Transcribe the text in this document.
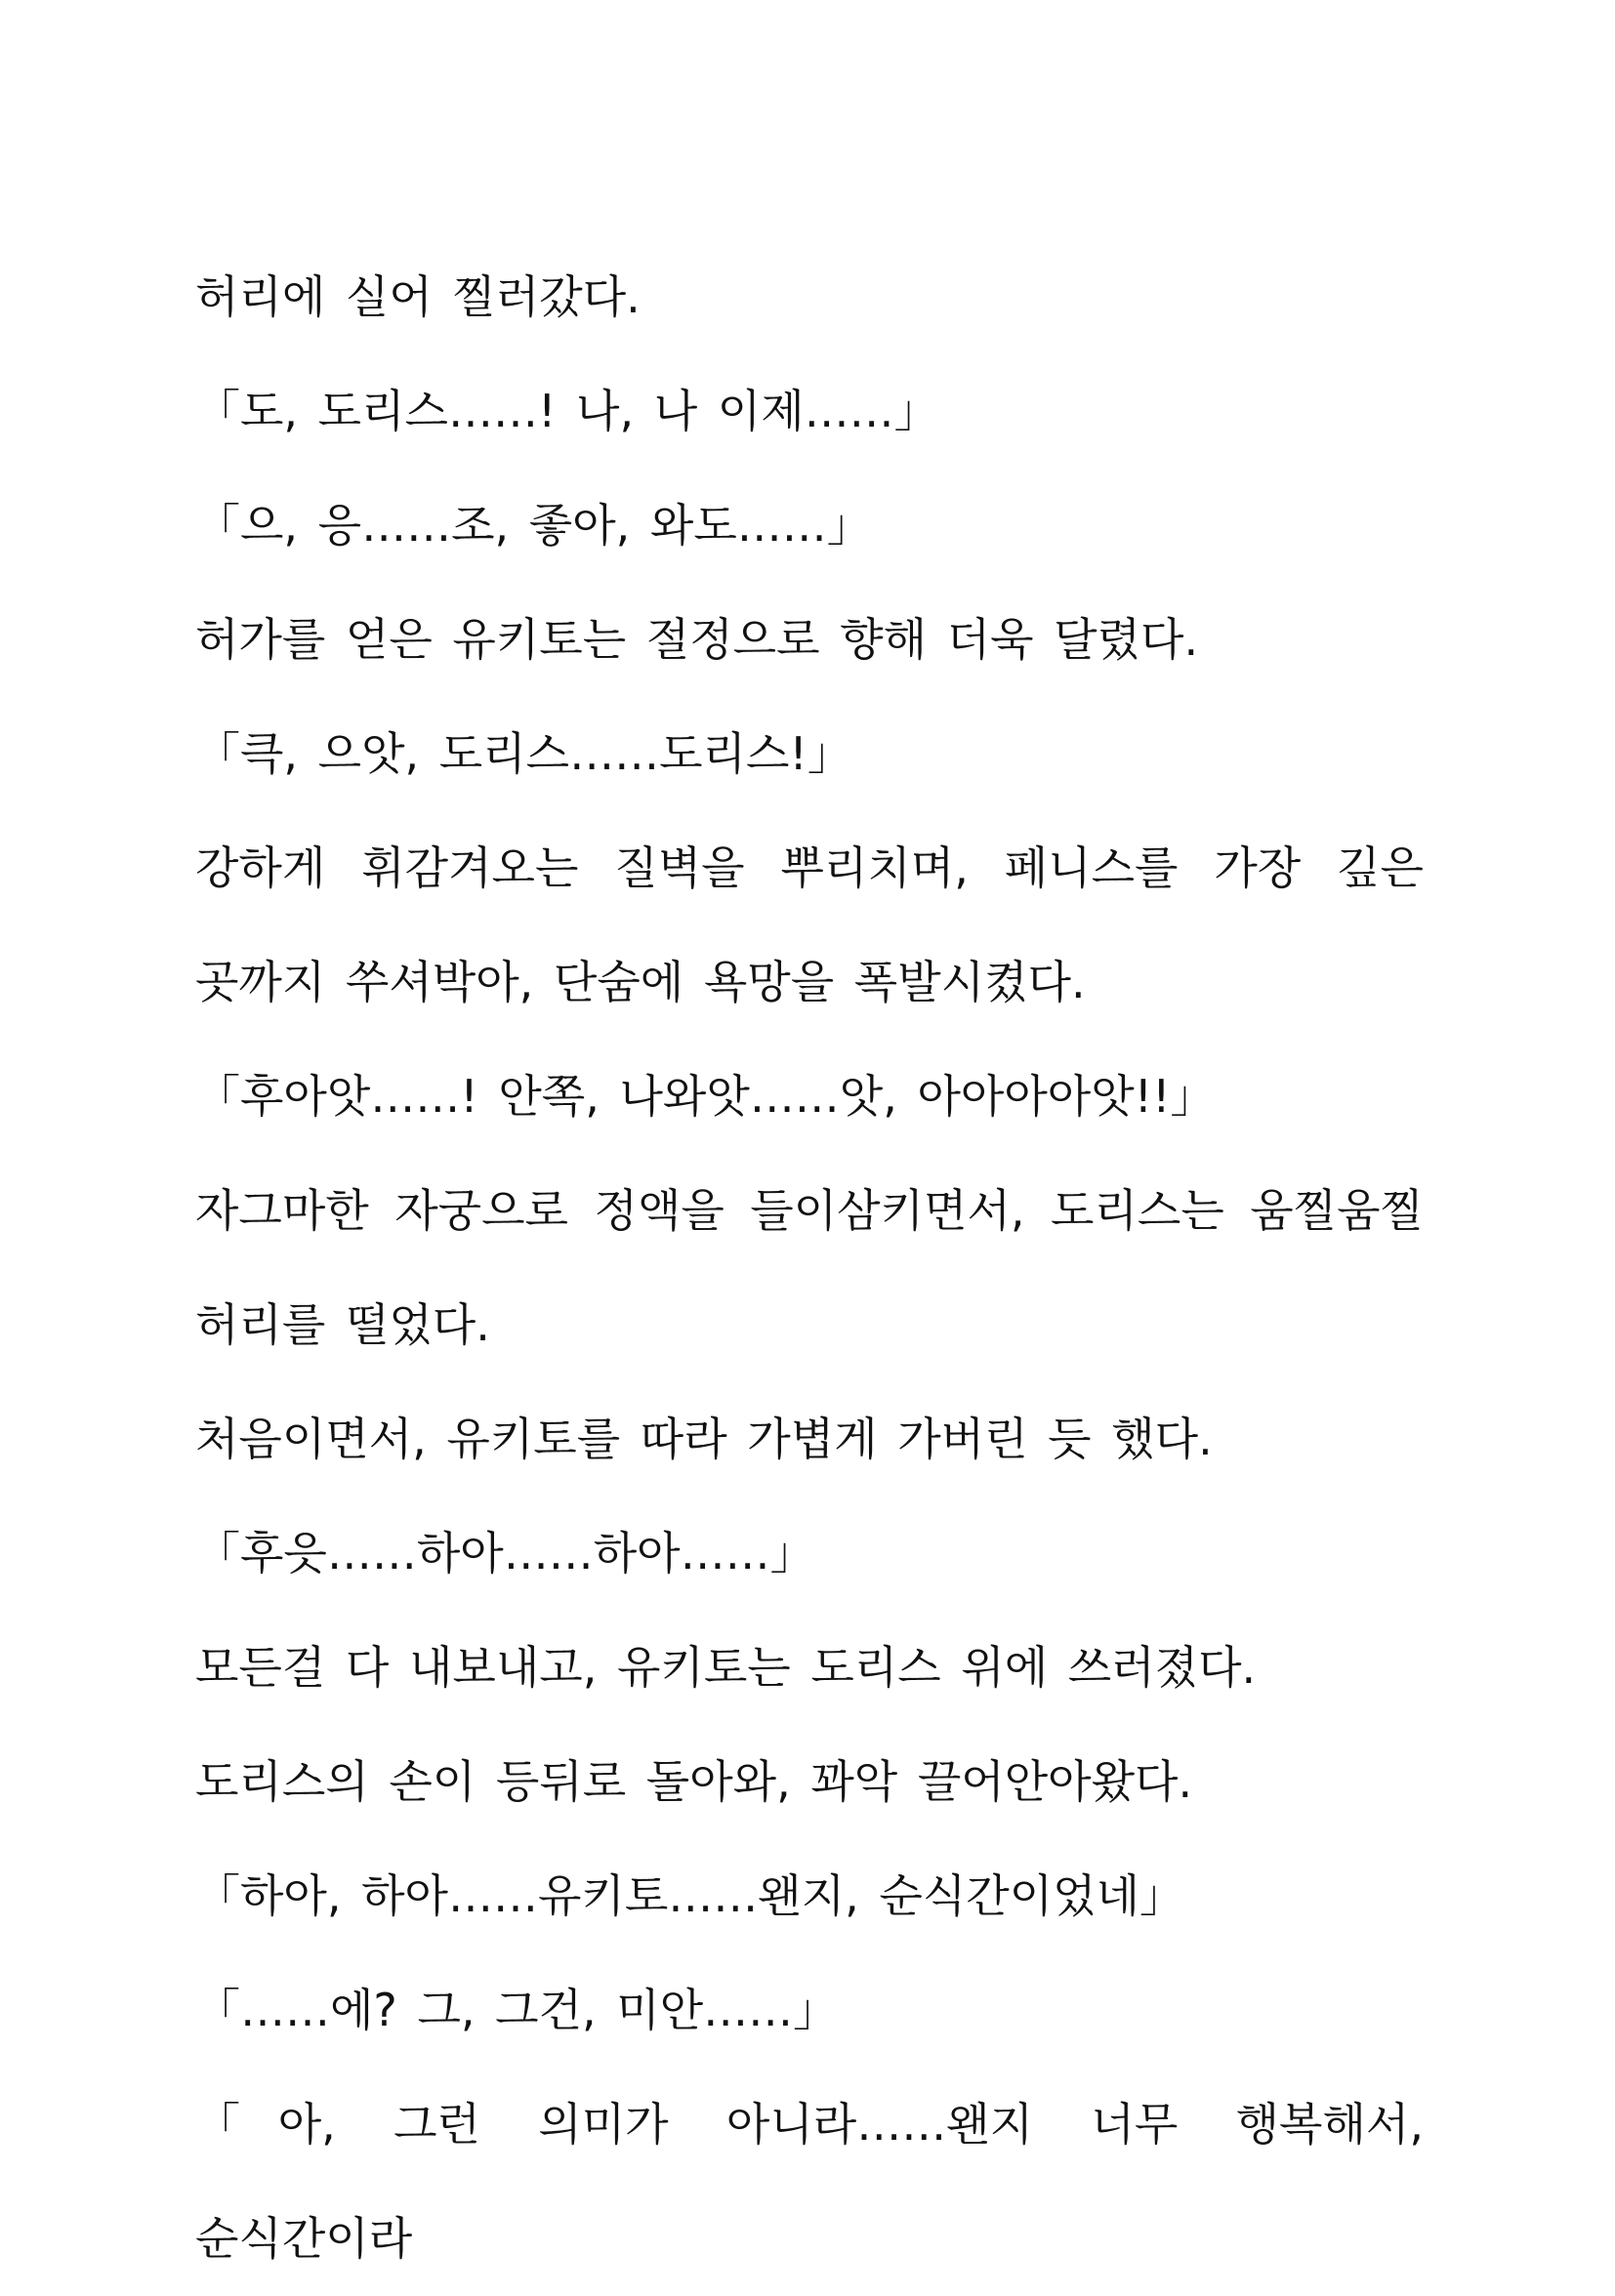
허리에 실어 찔러갔다.

「도, 도리스……! 나, 나 이제……」

「으, 응……조, 좋아, 와도……」

허가를 얻은 유키토는 절정으로 향해 더욱 달렸다.

「큭, 으앗, 도리스……도리스!」

강하게 휘감겨오는 질벽을 뿌리치며, 페니스를 가장 깊은 곳까지 쑤셔박아, 단숨에 욕망을 폭발시켰다.

「후아앗……! 안쪽, 나와앗……앗, 아아아아앗!!」

자그마한 자궁으로 정액을 들이삼키면서, 도리스는 움찔움찔 허리를 떨었다.

처음이면서, 유키토를 따라 가볍게 가버린 듯 했다.

「후읏……하아……하아……」

모든걸 다 내보내고, 유키토는 도리스 위에 쓰러졌다.

도리스의 손이 등뒤로 돌아와, 꽈악 끌어안아왔다.

「하아, 하아……유키토……왠지, 순식간이었네」

「……에? 그, 그건, 미안……」

「아, 그런 의미가 아니라……왠지 너무 행복해서, 순식간이라
